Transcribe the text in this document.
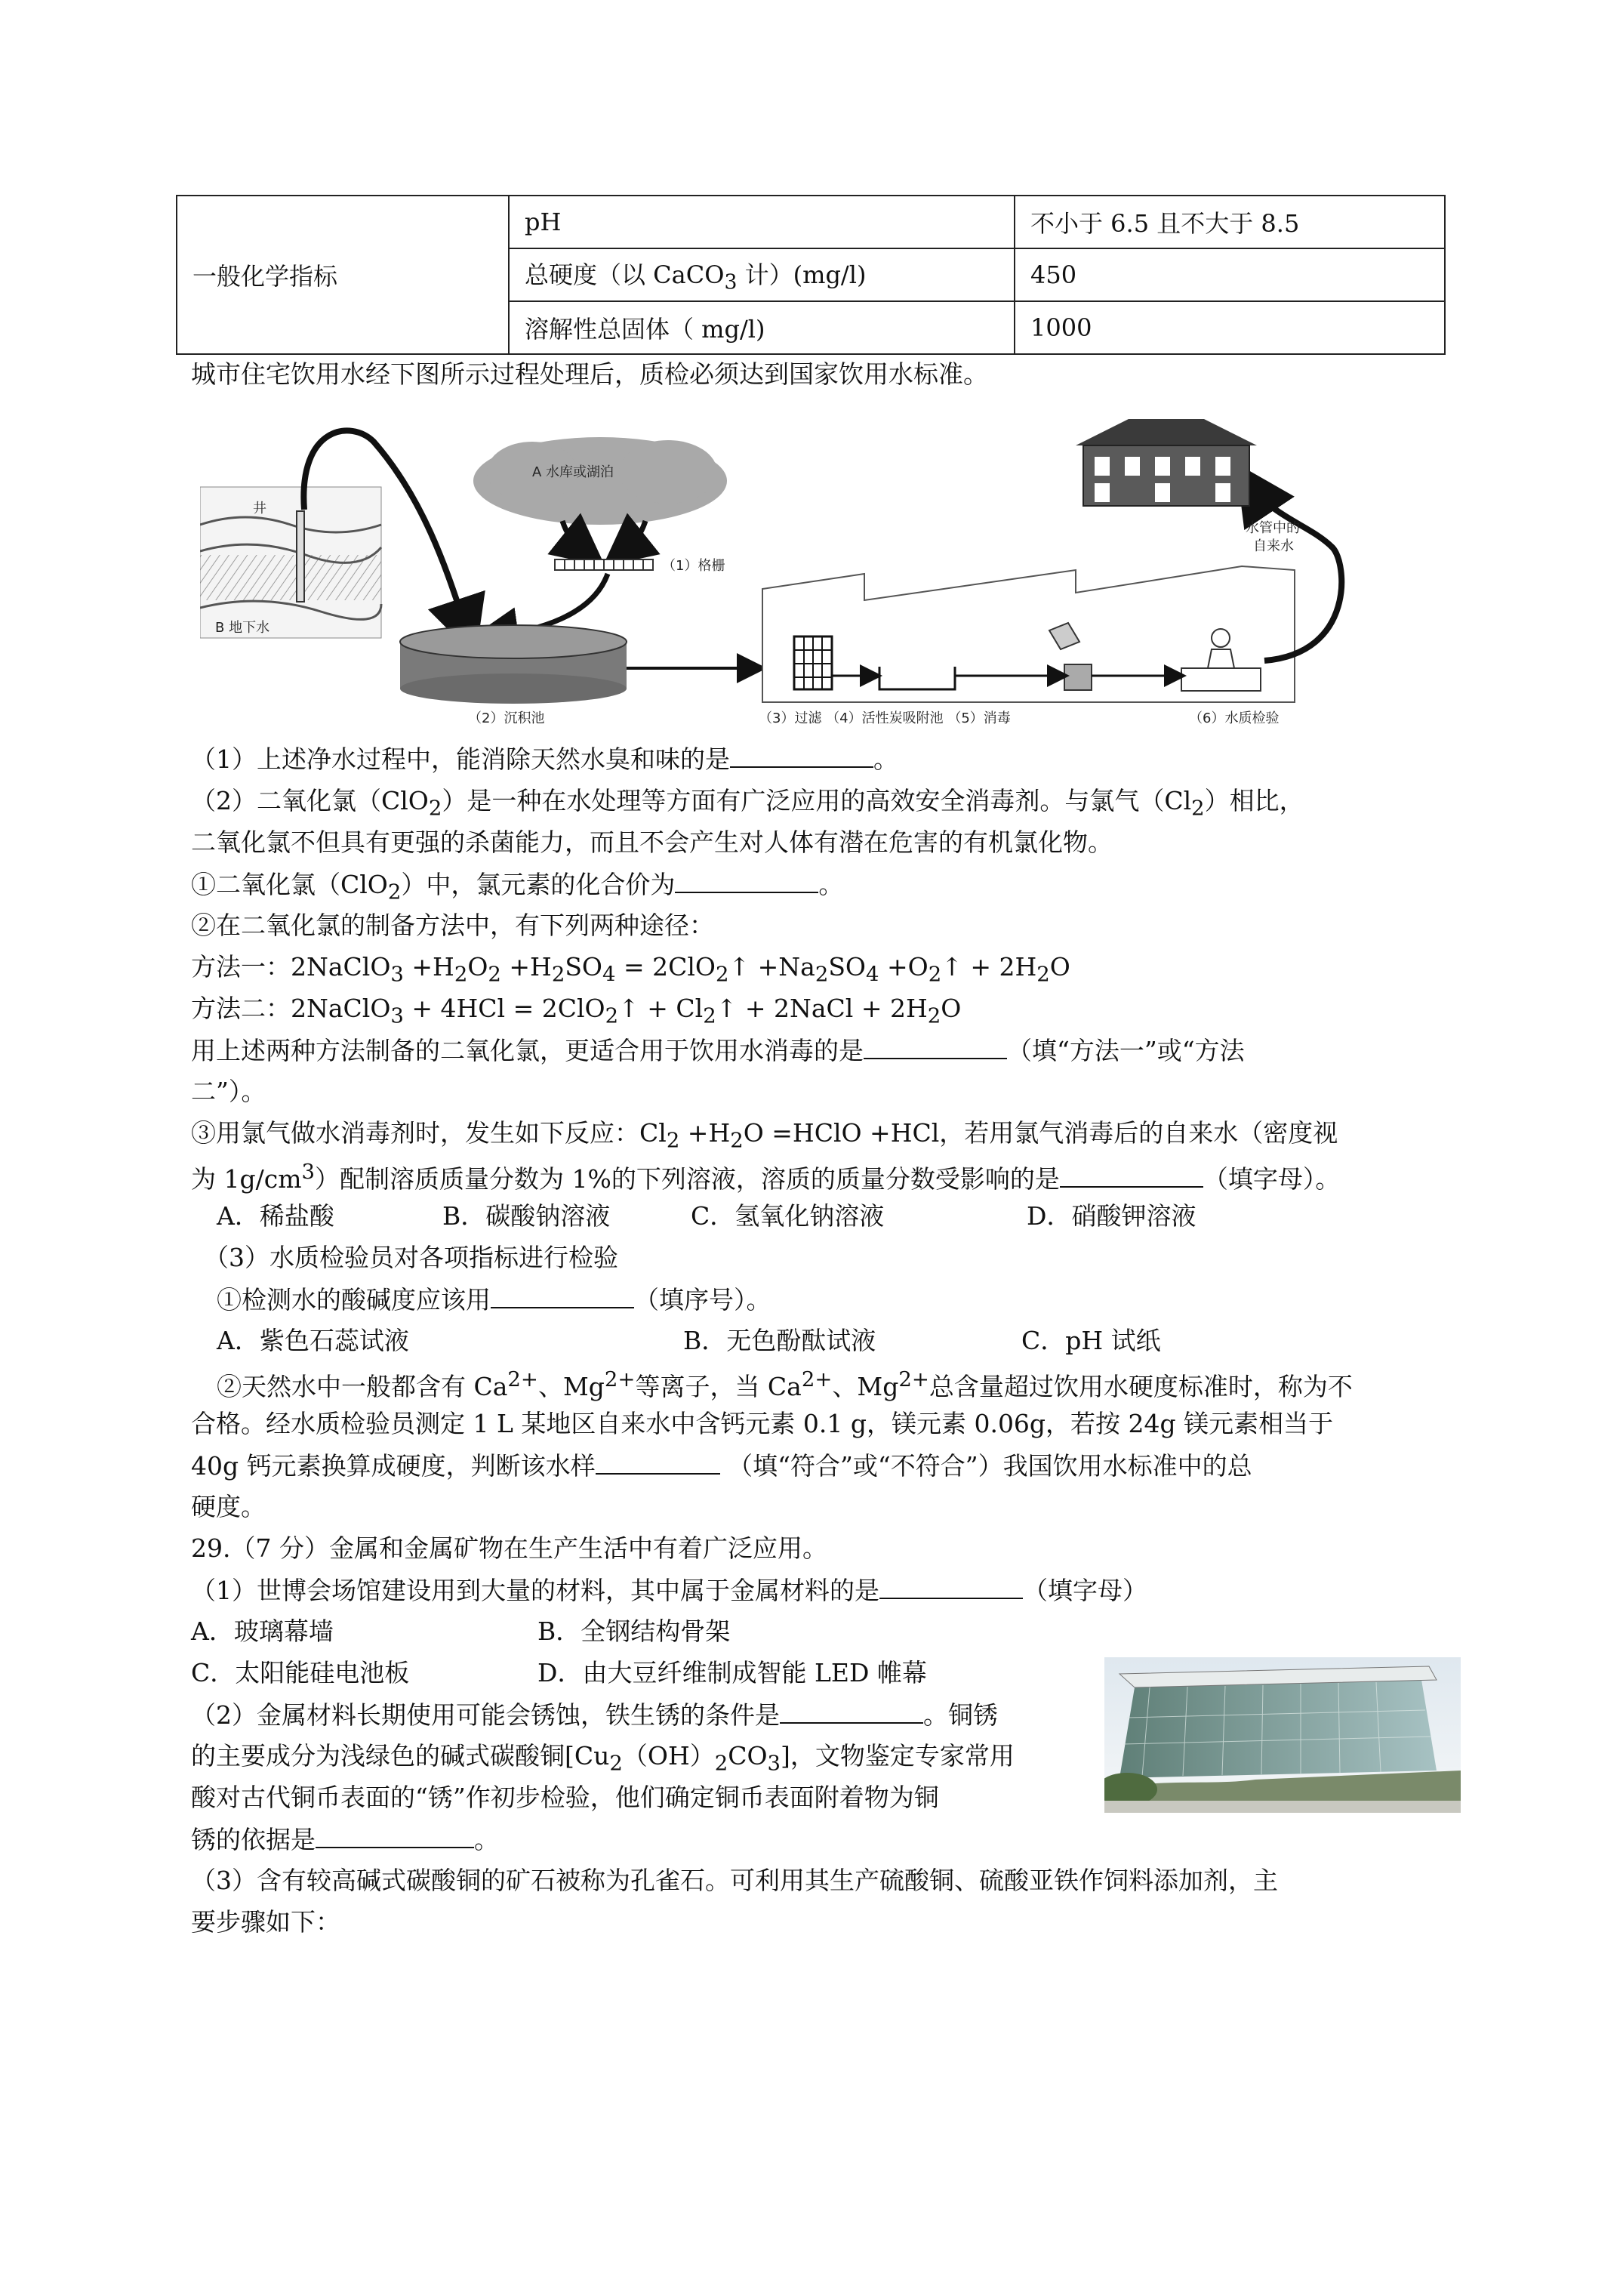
一般化学指标	pH	不小于 6.5 且不大于 8.5
	总硬度（以 CaCO$_3$ 计）(mg/l)	450
	溶解性总固体（ mg/l)	1000
城市住宅饮用水经下图所示过程处理后，质检必须达到国家饮用水标准。
井
B 地下水
A 水库或湖泊
（1）格栅
（2）沉积池
水管中的
自来水
（3）过滤 （4）活性炭吸附池 （5）消毒	（6）水质检验
（1）上述净水过程中，能消除天然水臭和味的是	。
（2）二氧化氯（ClO$_2$）是一种在水处理等方面有广泛应用的高效安全消毒剂。与氯气$(Cl_2)$相比，
二氧化氯不但具有更强的杀菌能力，而且不会产生对人体有潜在危害的有机氯化物。
①二氧化氯（ClO$_2$）中，氯元素的化合价为	。
②在二氧化氯的制备方法中，有下列两种途径：
方法一：2NaClO$_3$ $+H_2O_2 +H_2SO_4$ = 2ClO$_2$↑ $+Na_2SO_4$ $+O_2↑ + 2H_2O$
方法二：2NaClO$_3$ + 4HCl = 2ClO$_2$↑ + $Cl_2↑$ + 2NaCl + $2H_2O$
用上述两种方法制备的二氧化氯，更适合用于饮用水消毒的是	（填“方法一”或“方法
二”）。
③用氯气做水消毒剂时，发生如下反应：$Cl_2 +H_2O$ =HClO +HCl，若用氯气消毒后的自来水（密度视
为 $1g/cm^3$）配制溶质质量分数为 1%的下列溶液，溶质的质量分数受影响的是	（填字母）。
A．稀盐酸	B．碳酸钠溶液	C．氢氧化钠溶液	D．硝酸钾溶液
（3）水质检验员对各项指标进行检验
①检测水的酸碱度应该用	（填序号）。
A．紫色石蕊试液	B．无色酚酞试液	C．pH 试纸
②天然水中一般都含有 $Ca^{2+}$、$Mg^{2+}$等离子，当 $Ca^{2+}$、$Mg^{2+}$总含量超过饮用水硬度标准时，称为不
合格。经水质检验员测定 1 L 某地区自来水中含钙元素 0.1 g，镁元素 0.06g，若按 24g 镁元素相当于
40g 钙元素换算成硬度，判断该水样	（填“符合”或“不符合”）我国饮用水标准中的总
硬度。
29.（7 分）金属和金属矿物在生产生活中有着广泛应用。
（1）世博会场馆建设用到大量的材料，其中属于金属材料的是	（填字母）
A．玻璃幕墙	B．全钢结构骨架
C．太阳能硅电池板	D．由大豆纤维制成智能 LED 帷幕
（2）金属材料长期使用可能会锈蚀，铁生锈的条件是	。铜锈
的主要成分为浅绿色的碱式碳酸铜$[Cu_2(OH)_2CO_3]$，文物鉴定专家常用
酸对古代铜币表面的“锈”作初步检验，他们确定铜币表面附着物为铜
锈的依据是	。
（3）含有较高碱式碳酸铜的矿石被称为孔雀石。可利用其生产硫酸铜、硫酸亚铁作饲料添加剂，主
要步骤如下：
